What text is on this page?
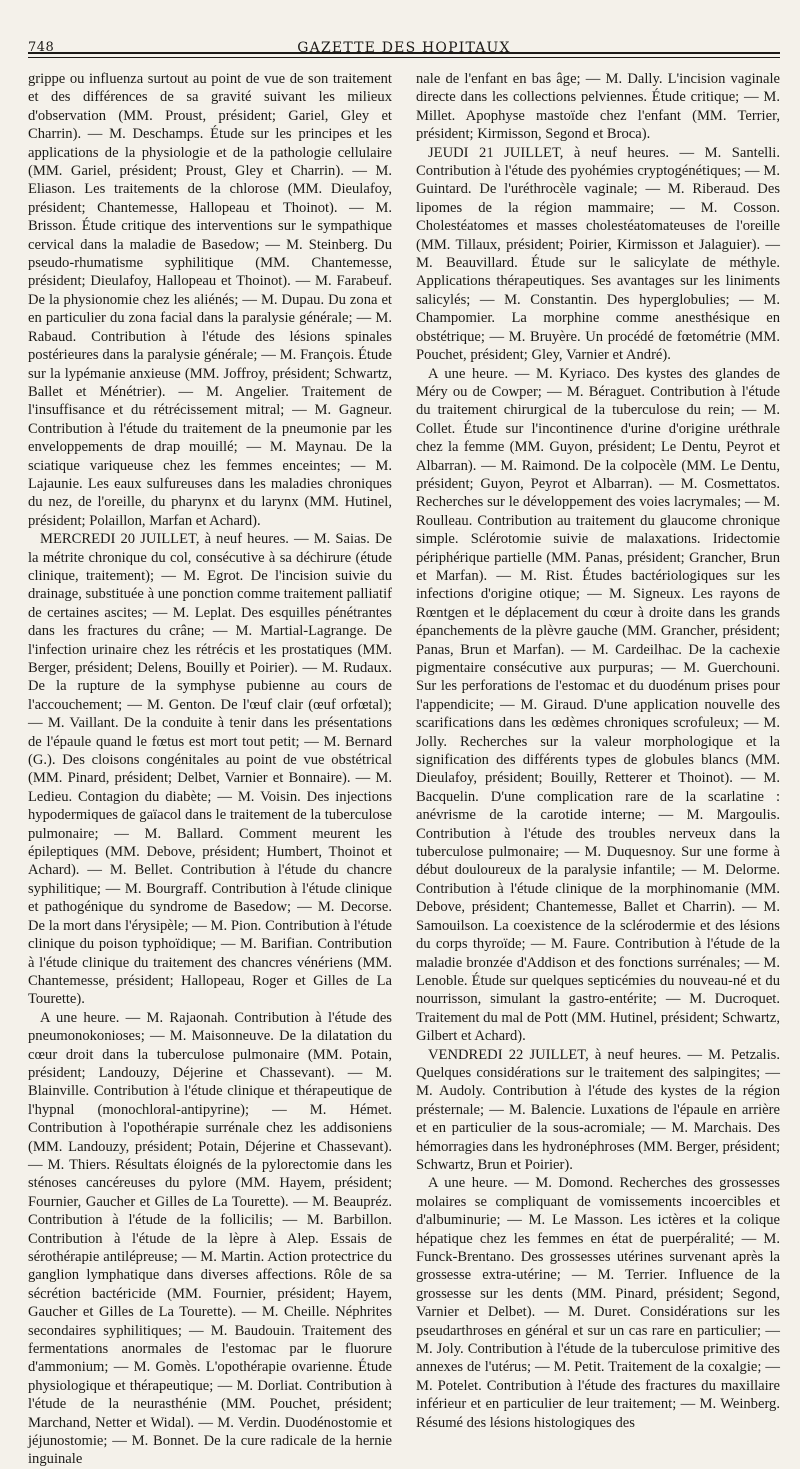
748	GAZETTE DES HOPITAUX

grippe ou influenza surtout au point de vue de son traitement et des différences de sa gravité suivant les milieux d'observation (MM. Proust, président; Gariel, Gley et Charrin). — M. Deschamps. Étude sur les principes et les applications de la physiologie et de la pathologie cellulaire (MM. Gariel, président; Proust, Gley et Charrin). — M. Eliason. Les traitements de la chlorose (MM. Dieulafoy, président; Chantemesse, Hallopeau et Thoinot). — M. Brisson. Étude critique des interventions sur le sympathique cervical dans la maladie de Basedow; — M. Steinberg. Du pseudo-rhumatisme syphilitique (MM. Chantemesse, président; Dieulafoy, Hallopeau et Thoinot). — M. Farabeuf. De la physionomie chez les aliénés; — M. Dupau. Du zona et en particulier du zona facial dans la paralysie générale; — M. Rabaud. Contribution à l'étude des lésions spinales postérieures dans la paralysie générale; — M. François. Étude sur la lypémanie anxieuse (MM. Joffroy, président; Schwartz, Ballet et Ménétrier). — M. Angelier. Traitement de l'insuffisance et du rétrécissement mitral; — M. Gagneur. Contribution à l'étude du traitement de la pneumonie par les enveloppements de drap mouillé; — M. Maynau. De la sciatique variqueuse chez les femmes enceintes; — M. Lajaunie. Les eaux sulfureuses dans les maladies chroniques du nez, de l'oreille, du pharynx et du larynx (MM. Hutinel, président; Polaillon, Marfan et Achard).

MERCREDI 20 JUILLET, à neuf heures. — M. Saias. De la métrite chronique du col, consécutive à sa déchirure (étude clinique, traitement); — M. Egrot. De l'incision suivie du drainage, substituée à une ponction comme traitement palliatif de certaines ascites; — M. Leplat. Des esquilles pénétrantes dans les fractures du crâne; — M. Martial-Lagrange. De l'infection urinaire chez les rétrécis et les prostatiques (MM. Berger, président; Delens, Bouilly et Poirier). — M. Rudaux. De la rupture de la symphyse pubienne au cours de l'accouchement; — M. Genton. De l'œuf clair (œuf orfœtal); — M. Vaillant. De la conduite à tenir dans les présentations de l'épaule quand le fœtus est mort tout petit; — M. Bernard (G.). Des cloisons congénitales au point de vue obstétrical (MM. Pinard, président; Delbet, Varnier et Bonnaire). — M. Lediеu. Contagion du diabète; — M. Voisin. Des injections hypodermiques de gaïacol dans le traitement de la tuberculose pulmonaire; — M. Ballard. Comment meurent les épileptiques (MM. Debove, président; Humbert, Thoinot et Achard). — M. Bellet. Contribution à l'étude du chancre syphilitique; — M. Bourgraff. Contribution à l'étude clinique et pathogénique du syndrome de Basedow; — M. Decorse. De la mort dans l'érysipèle; — M. Pion. Contribution à l'étude clinique du poison typhoïdique; — M. Barifian. Contribution à l'étude clinique du traitement des chancres vénériens (MM. Chantemesse, président; Hallopeau, Roger et Gilles de La Tourette).

A une heure. — M. Rajaonah. Contribution à l'étude des pneumonokonioses; — M. Maisonneuve. De la dilatation du cœur droit dans la tuberculose pulmonaire (MM. Potain, président; Landouzy, Déjerine et Chassevant). — M. Blainville. Contribution à l'étude clinique et thérapeutique de l'hypnal (monochloral-antipyrine); — M. Hémet. Contribution à l'opothérapie surrénale chez les addisoniens (MM. Landouzy, président; Potain, Déjerine et Chassevant). — M. Thiers. Résultats éloignés de la pylorectomie dans les sténoses cancéreuses du pylore (MM. Hayem, président; Fournier, Gaucher et Gilles de La Tourette). — M. Beaupréz. Contribution à l'étude de la follicilis; — M. Barbillon. Contribution à l'étude de la lèpre à Alep. Essais de sérothérapie antilépreuse; — M. Martin. Action protectrice du ganglion lymphatique dans diverses affections. Rôle de sa sécrétion bactéricide (MM. Fournier, président; Hayem, Gaucher et Gilles de La Tourette). — M. Cheille. Néphrites secondaires syphilitiques; — M. Baudouin. Traitement des fermentations anormales de l'estomac par le fluorure d'ammonium; — M. Gomès. L'opothérapie ovarienne. Étude physiologique et thérapeutique; — M. Dorliat. Contribution à l'étude de la neurasthénie (MM. Pouchet, président; Marchand, Netter et Widal). — M. Verdin. Duodénostomie et jéjunostomie; — M. Bonnet. De la cure radicale de la hernie inguinale

nale de l'enfant en bas âge; — M. Dally. L'incision vaginale directe dans les collections pelviennes. Étude critique; — M. Millet. Apophyse mastoïde chez l'enfant (MM. Terrier, président; Kirmisson, Segond et Broca).

JEUDI 21 JUILLET, à neuf heures. — M. Santelli. Contribution à l'étude des pyohémies cryptogénétiques; — M. Guintard. De l'uréthrocèle vaginale; — M. Riberaud. Des lipomes de la région mammaire; — M. Cosson. Cholestéatomes et masses cholestéatomateuses de l'oreille (MM. Tillaux, président; Poirier, Kirmisson et Jalaguier). — M. Beauvillard. Étude sur le salicylate de méthyle. Applications thérapeutiques. Ses avantages sur les liniments salicylés; — M. Constantin. Des hyperglobulies; — M. Champomier. La morphine comme anesthésique en obstétrique; — M. Bruyère. Un procédé de fœtométrie (MM. Pouchet, président; Gley, Varnier et André).

A une heure. — M. Kyriaco. Des kystes des glandes de Méry ou de Cowper; — M. Béraguet. Contribution à l'étude du traitement chirurgical de la tuberculose du rein; — M. Collet. Étude sur l'incontinence d'urine d'origine uréthrale chez la femme (MM. Guyon, président; Le Dentu, Peyrot et Albarran). — M. Raimond. De la colpocèle (MM. Le Dentu, président; Guyon, Peyrot et Albarran). — M. Cosmettatos. Recherches sur le développement des voies lacrymales; — M. Roulleau. Contribution au traitement du glaucome chronique simple. Sclérotomie suivie de malaxations. Iridectomie périphérique partielle (MM. Panas, président; Grancher, Brun et Marfan). — M. Rist. Études bactériologiques sur les infections d'origine otique; — M. Signeux. Les rayons de Rœntgen et le déplacement du cœur à droite dans les grands épanchements de la plèvre gauche (MM. Grancher, président; Panas, Brun et Marfan). — M. Cardeilhac. De la cachexie pigmentaire consécutive aux purpuras; — M. Guerchouni. Sur les perforations de l'estomac et du duodénum prises pour l'appendicite; — M. Giraud. D'une application nouvelle des scarifications dans les œdèmes chroniques scrofuleux; — M. Jolly. Recherches sur la valeur morphologique et la signification des différents types de globules blancs (MM. Dieulafoy, président; Bouilly, Retterer et Thoinot). — M. Bacquelin. D'une complication rare de la scarlatine : anévrisme de la carotide interne; — M. Margoulis. Contribution à l'étude des troubles nerveux dans la tuberculose pulmonaire; — M. Duquesnoy. Sur une forme à début douloureux de la paralysie infantile; — M. Delorme. Contribution à l'étude clinique de la morphinomanie (MM. Debove, président; Chantemesse, Ballet et Charrin). — M. Samouilson. La coexistence de la sclérodermie et des lésions du corps thyroïde; — M. Faure. Contribution à l'étude de la maladie bronzée d'Addison et des fonctions surrénales; — M. Lenoble. Étude sur quelques septicémies du nouveau-né et du nourrisson, simulant la gastro-entérite; — M. Ducroquet. Traitement du mal de Pott (MM. Hutinel, président; Schwartz, Gilbert et Achard).

VENDREDI 22 JUILLET, à neuf heures. — M. Petzalis. Quelques considérations sur le traitement des salpingites; — M. Audoly. Contribution à l'étude des kystes de la région présternale; — M. Balencie. Luxations de l'épaule en arrière et en particulier de la sous-acromiale; — M. Marchais. Des hémorragies dans les hydronéphroses (MM. Berger, président; Schwartz, Brun et Poirier).

A une heure. — M. Domond. Recherches des grossesses molaires se compliquant de vomissements incoercibles et d'albuminurie; — M. Le Masson. Les ictères et la colique hépatique chez les femmes en état de puerpéralité; — M. Funck-Brentano. Des grossesses utérines survenant après la grossesse extra-utérine; — M. Terrier. Influence de la grossesse sur les dents (MM. Pinard, président; Segond, Varnier et Delbet). — M. Duret. Considérations sur les pseudarthroses en général et sur un cas rare en particulier; — M. Joly. Contribution à l'étude de la tuberculose primitive des annexes de l'utérus; — M. Petit. Traitement de la coxalgie; — M. Potelet. Contribution à l'étude des fractures du maxillaire inférieur et en particulier de leur traitement; — M. Weinberg. Résumé des lésions histologiques des
